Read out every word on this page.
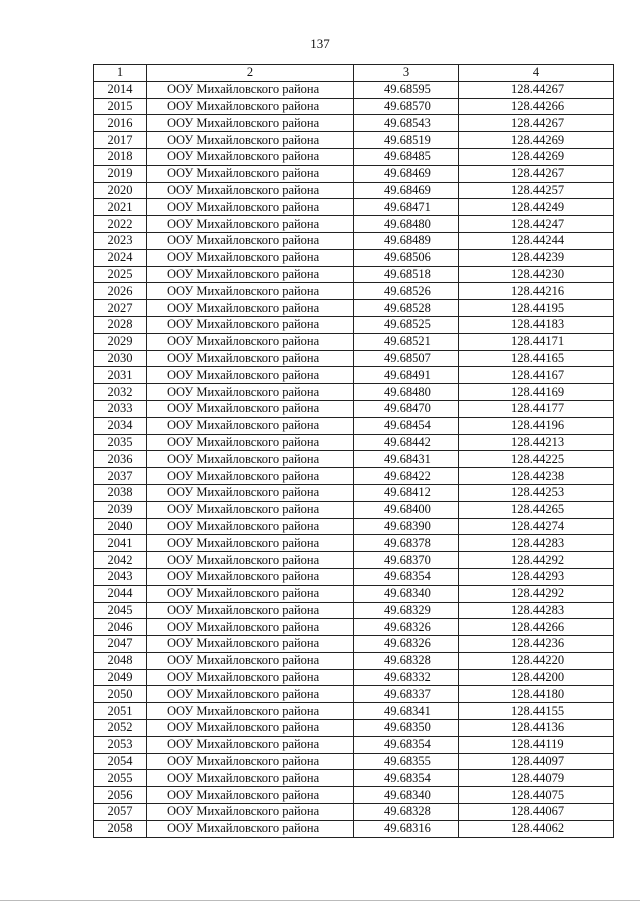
137
1	2	3	4
2014	ООУ Михайловского района	49.68595	128.44267
2015	ООУ Михайловского района	49.68570	128.44266
2016	ООУ Михайловского района	49.68543	128.44267
2017	ООУ Михайловского района	49.68519	128.44269
2018	ООУ Михайловского района	49.68485	128.44269
2019	ООУ Михайловского района	49.68469	128.44267
2020	ООУ Михайловского района	49.68469	128.44257
2021	ООУ Михайловского района	49.68471	128.44249
2022	ООУ Михайловского района	49.68480	128.44247
2023	ООУ Михайловского района	49.68489	128.44244
2024	ООУ Михайловского района	49.68506	128.44239
2025	ООУ Михайловского района	49.68518	128.44230
2026	ООУ Михайловского района	49.68526	128.44216
2027	ООУ Михайловского района	49.68528	128.44195
2028	ООУ Михайловского района	49.68525	128.44183
2029	ООУ Михайловского района	49.68521	128.44171
2030	ООУ Михайловского района	49.68507	128.44165
2031	ООУ Михайловского района	49.68491	128.44167
2032	ООУ Михайловского района	49.68480	128.44169
2033	ООУ Михайловского района	49.68470	128.44177
2034	ООУ Михайловского района	49.68454	128.44196
2035	ООУ Михайловского района	49.68442	128.44213
2036	ООУ Михайловского района	49.68431	128.44225
2037	ООУ Михайловского района	49.68422	128.44238
2038	ООУ Михайловского района	49.68412	128.44253
2039	ООУ Михайловского района	49.68400	128.44265
2040	ООУ Михайловского района	49.68390	128.44274
2041	ООУ Михайловского района	49.68378	128.44283
2042	ООУ Михайловского района	49.68370	128.44292
2043	ООУ Михайловского района	49.68354	128.44293
2044	ООУ Михайловского района	49.68340	128.44292
2045	ООУ Михайловского района	49.68329	128.44283
2046	ООУ Михайловского района	49.68326	128.44266
2047	ООУ Михайловского района	49.68326	128.44236
2048	ООУ Михайловского района	49.68328	128.44220
2049	ООУ Михайловского района	49.68332	128.44200
2050	ООУ Михайловского района	49.68337	128.44180
2051	ООУ Михайловского района	49.68341	128.44155
2052	ООУ Михайловского района	49.68350	128.44136
2053	ООУ Михайловского района	49.68354	128.44119
2054	ООУ Михайловского района	49.68355	128.44097
2055	ООУ Михайловского района	49.68354	128.44079
2056	ООУ Михайловского района	49.68340	128.44075
2057	ООУ Михайловского района	49.68328	128.44067
2058	ООУ Михайловского района	49.68316	128.44062
